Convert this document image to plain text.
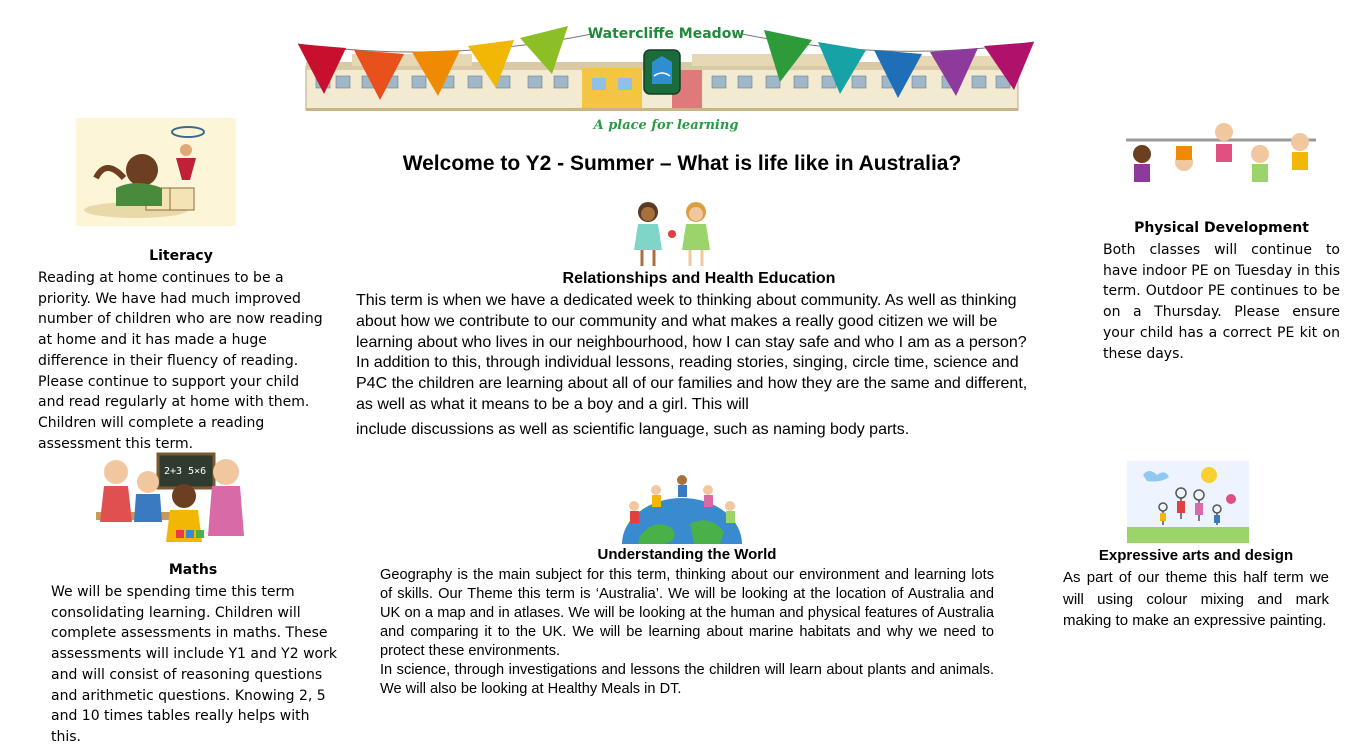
Watercliffe Meadow
A place for learning
Welcome to Y2 - Summer – What is life like in Australia?
Literacy
Reading at home continues to be a priority. We have had much improved number of children who are now reading at home and it has made a huge difference in their fluency of reading. Please continue to support your child and read regularly at home with them. Children will complete a reading assessment this term.
2+3 5×6
Maths
We will be spending time this term consolidating learning. Children will complete assessments in maths. These assessments will include Y1 and Y2 work and will consist of reasoning questions and arithmetic questions. Knowing 2, 5 and 10 times tables really helps with this.
Relationships and Health Education
This term is when we have a dedicated week to thinking about community. As well as thinking about how we contribute to our community and what makes a really good citizen we will be learning about who lives in our neighbourhood, how I can stay safe and who I am as a person? In addition to this, through individual lessons, reading stories, singing, circle time, science and P4C the children are learning about all of our families and how they are the same and different, as well as what it means to be a boy and a girl. This will
include discussions as well as scientific language, such as naming body parts.
Understanding the World

Geography is the main subject for this term, thinking about our environment and learning lots of skills. Our Theme this term is ‘Australia’. We will be looking at the location of Australia and UK on a map and in atlases. We will be looking at the human and physical features of Australia and comparing it to the UK. We will be learning about marine habitats and why we need to protect these environments.

In science, through investigations and lessons the children will learn about plants and animals. We will also be looking at Healthy Meals in DT.

Physical Development
Both classes will continue to have indoor PE on Tuesday in this term. Outdoor PE continues to be on a Thursday. Please ensure your child has a correct PE kit on these days.
Expressive arts and design
As part of our theme this half term we will using colour mixing and mark making to make an expressive painting.
